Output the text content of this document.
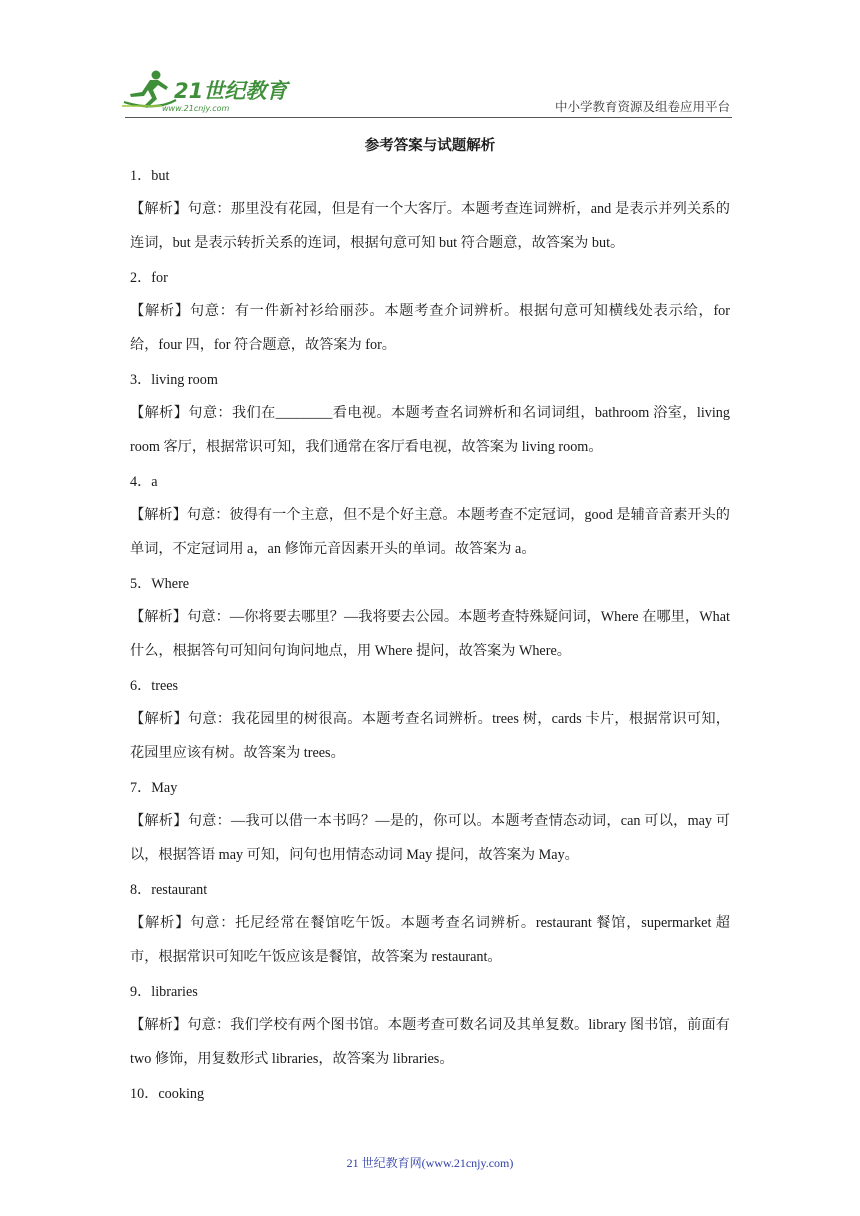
21世纪教育
www.21cnjy.com	中小学教育资源及组卷应用平台
参考答案与试题解析

1．but

【解析】句意：那里没有花园，但是有一个大客厅。本题考查连词辨析，and 是表示并列关系的连词，but 是表示转折关系的连词，根据句意可知 but 符合题意，故答案为 but。

2．for

【解析】句意：有一件新衬衫给丽莎。本题考查介词辨析。根据句意可知横线处表示给，for 给，four 四，for 符合题意，故答案为 for。

3．living room

【解析】句意：我们在________看电视。本题考查名词辨析和名词词组，bathroom 浴室，living room 客厅，根据常识可知，我们通常在客厅看电视，故答案为 living room。

4．a

【解析】句意：彼得有一个主意，但不是个好主意。本题考查不定冠词，good 是辅音音素开头的单词，不定冠词用 a，an 修饰元音因素开头的单词。故答案为 a。

5．Where

【解析】句意：—你将要去哪里？—我将要去公园。本题考查特殊疑问词，Where 在哪里，What 什么，根据答句可知问句询问地点，用 Where 提问，故答案为 Where。

6．trees

【解析】句意：我花园里的树很高。本题考查名词辨析。trees 树，cards 卡片，根据常识可知，花园里应该有树。故答案为 trees。

7．May

【解析】句意：—我可以借一本书吗？—是的，你可以。本题考查情态动词，can 可以，may 可以，根据答语 may 可知，问句也用情态动词 May 提问，故答案为 May。

8．restaurant

【解析】句意：托尼经常在餐馆吃午饭。本题考查名词辨析。restaurant 餐馆，supermarket 超市，根据常识可知吃午饭应该是餐馆，故答案为 restaurant。

9．libraries

【解析】句意：我们学校有两个图书馆。本题考查可数名词及其单复数。library 图书馆，前面有 two 修饰，用复数形式 libraries，故答案为 libraries。

10．cooking

21 世纪教育网(www.21cnjy.com)
